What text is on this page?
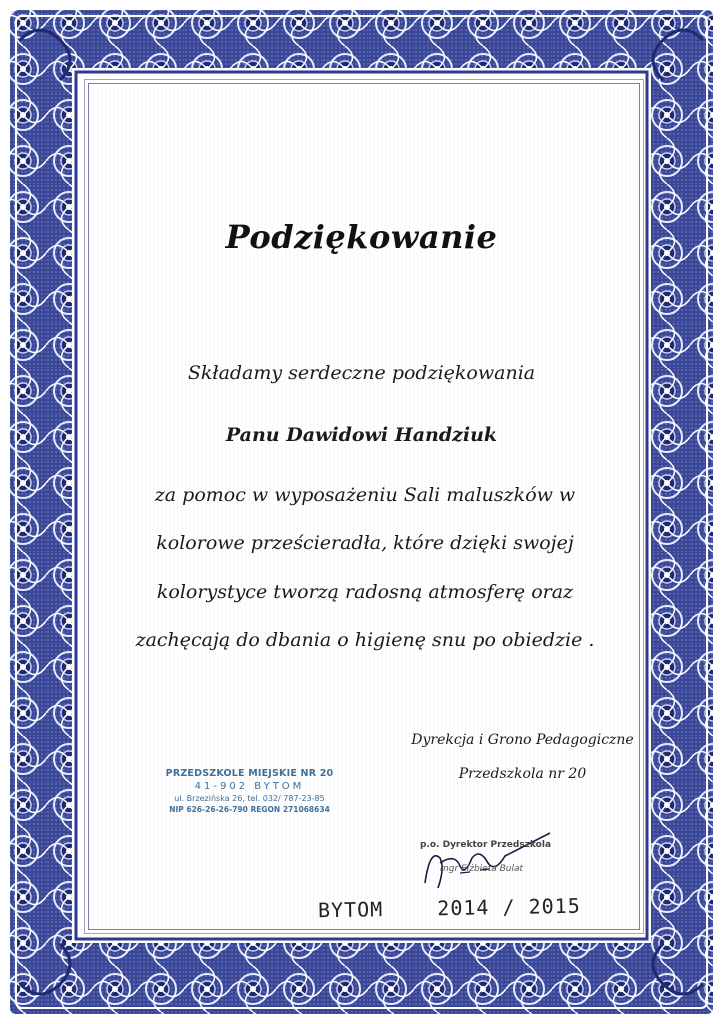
Podziękowanie
Składamy serdeczne podziękowania
Panu Dawidowi Handziuk
za pomoc w wyposażeniu Sali maluszków w
kolorowe prześcieradła, które dzięki swojej
kolorystyce tworzą radosną atmosferę oraz
zachęcają do dbania o higienę snu po obiedzie .
Dyrekcja i Grono Pedagogiczne
Przedszkola nr 20
PRZEDSZKOLE MIEJSKIE NR 20
41-902 BYTOM
ul. Brzezińska 26, tel. 032/ 787-23-85
NIP 626-26-26-790 REGON 271068634
p.o. Dyrektor Przedszkola
mgr Elżbieta Bulat
BYTOM	2014 / 2015
